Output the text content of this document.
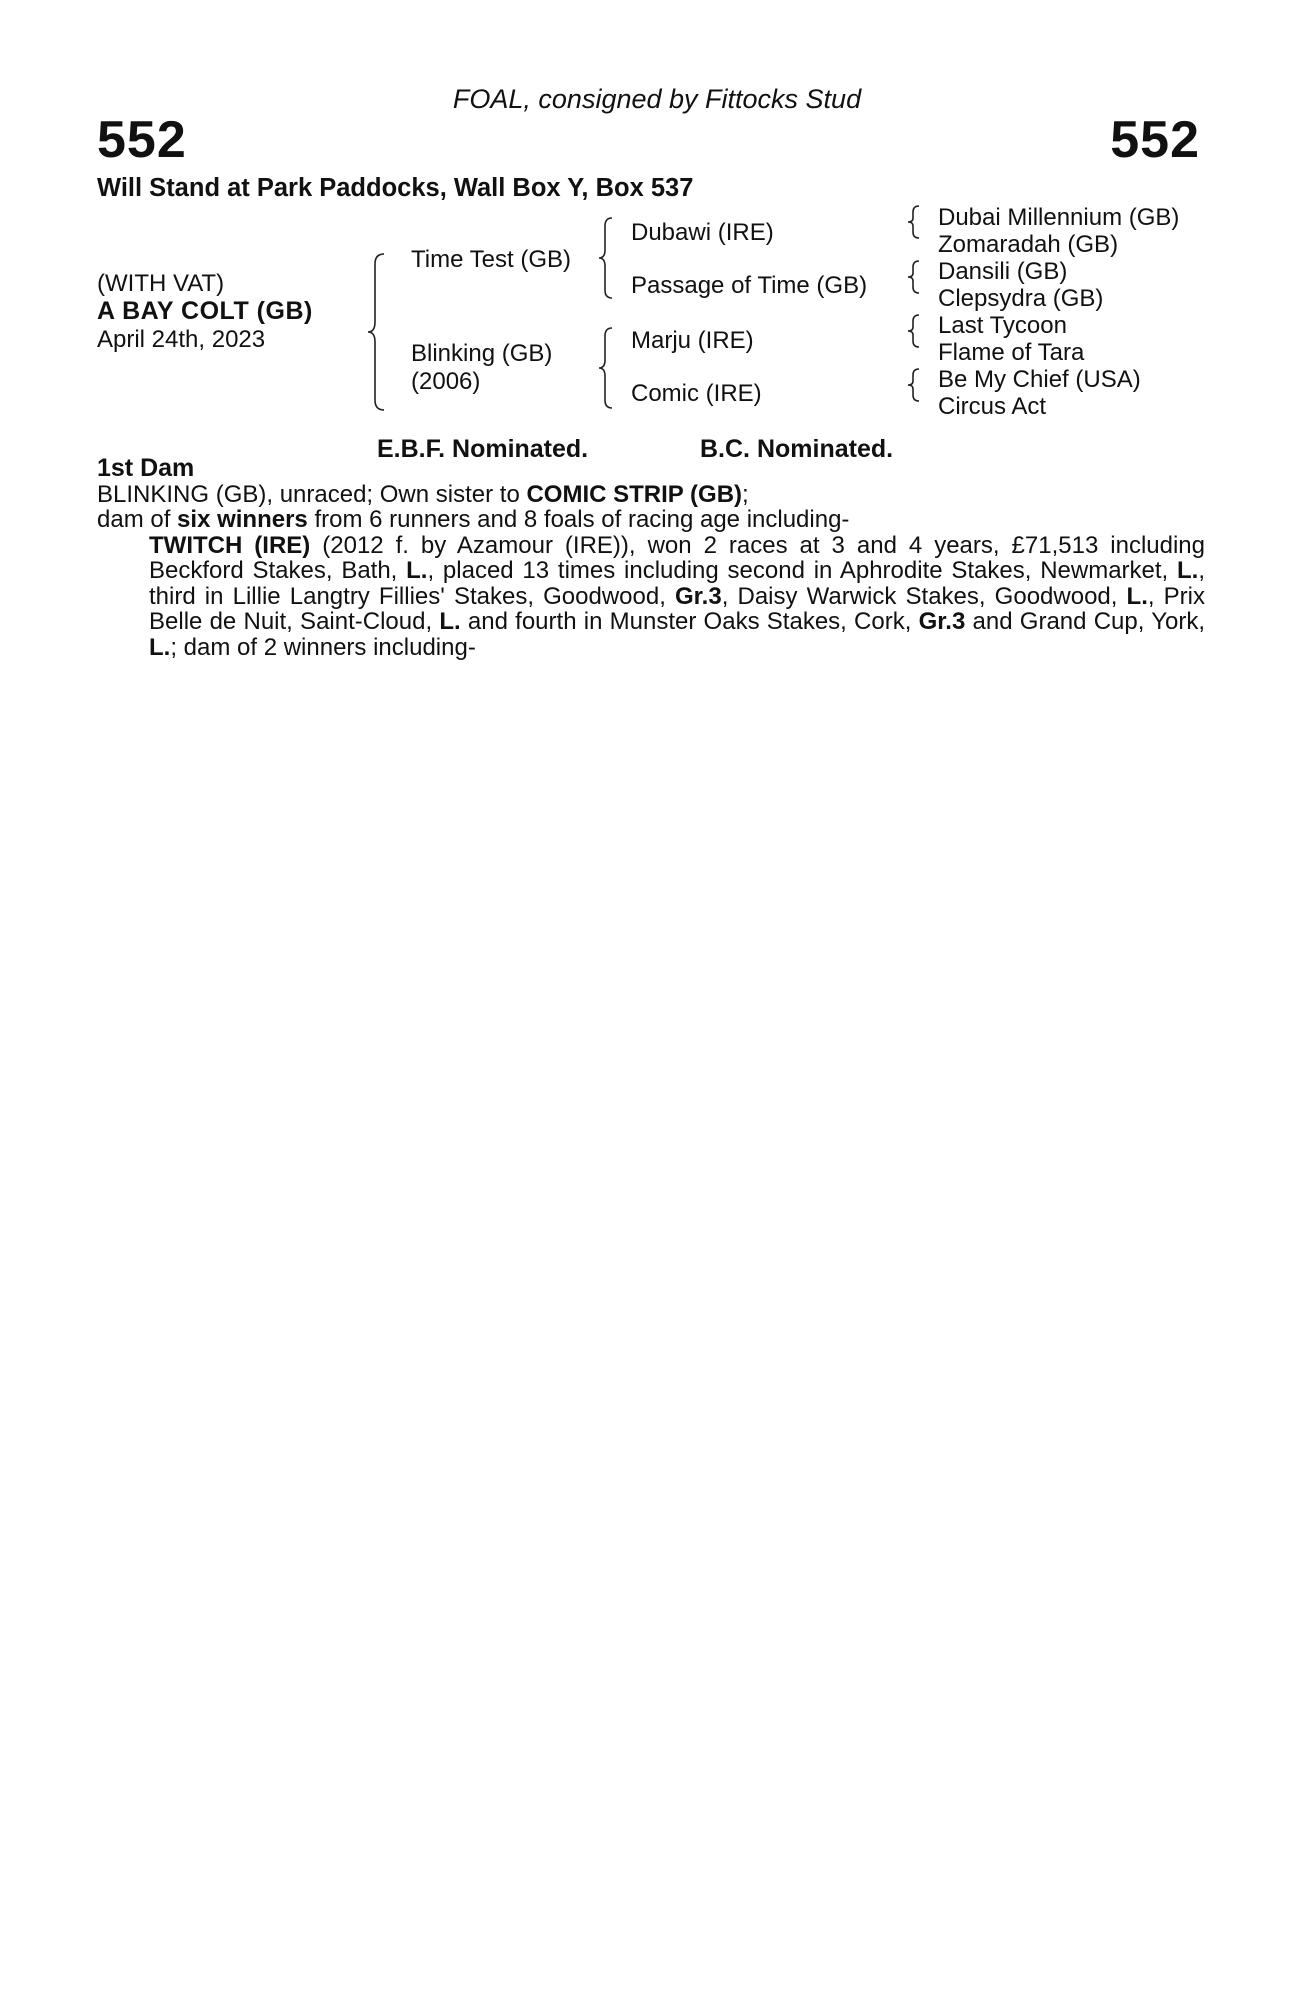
FOAL, consigned by Fittocks Stud
552	552
Will Stand at Park Paddocks, Wall Box Y, Box 537
(WITH VAT)
A BAY COLT (GB)
April 24th, 2023
Time Test (GB)
Blinking (GB)
(2006)
Dubawi (IRE)
Passage of Time (GB)
Marju (IRE)
Comic (IRE)
Dubai Millennium (GB)
Zomaradah (GB)
Dansili (GB)
Clepsydra (GB)
Last Tycoon
Flame of Tara
Be My Chief (USA)
Circus Act
E.B.F. Nominated.	B.C. Nominated.

1st Dam

BLINKING (GB), unraced; Own sister to COMIC STRIP (GB);

dam of six winners from 6 runners and 8 foals of racing age including-

TWITCH (IRE) (2012 f. by Azamour (IRE)), won 2 races at 3 and 4 years, £71,513 including Beckford Stakes, Bath, L., placed 13 times including second in Aphrodite Stakes, Newmarket, L., third in Lillie Langtry Fillies' Stakes, Goodwood, Gr.3, Daisy Warwick Stakes, Goodwood, L., Prix Belle de Nuit, Saint-Cloud, L. and fourth in Munster Oaks Stakes, Cork, Gr.3 and Grand Cup, York, L.; dam of 2 winners including-
